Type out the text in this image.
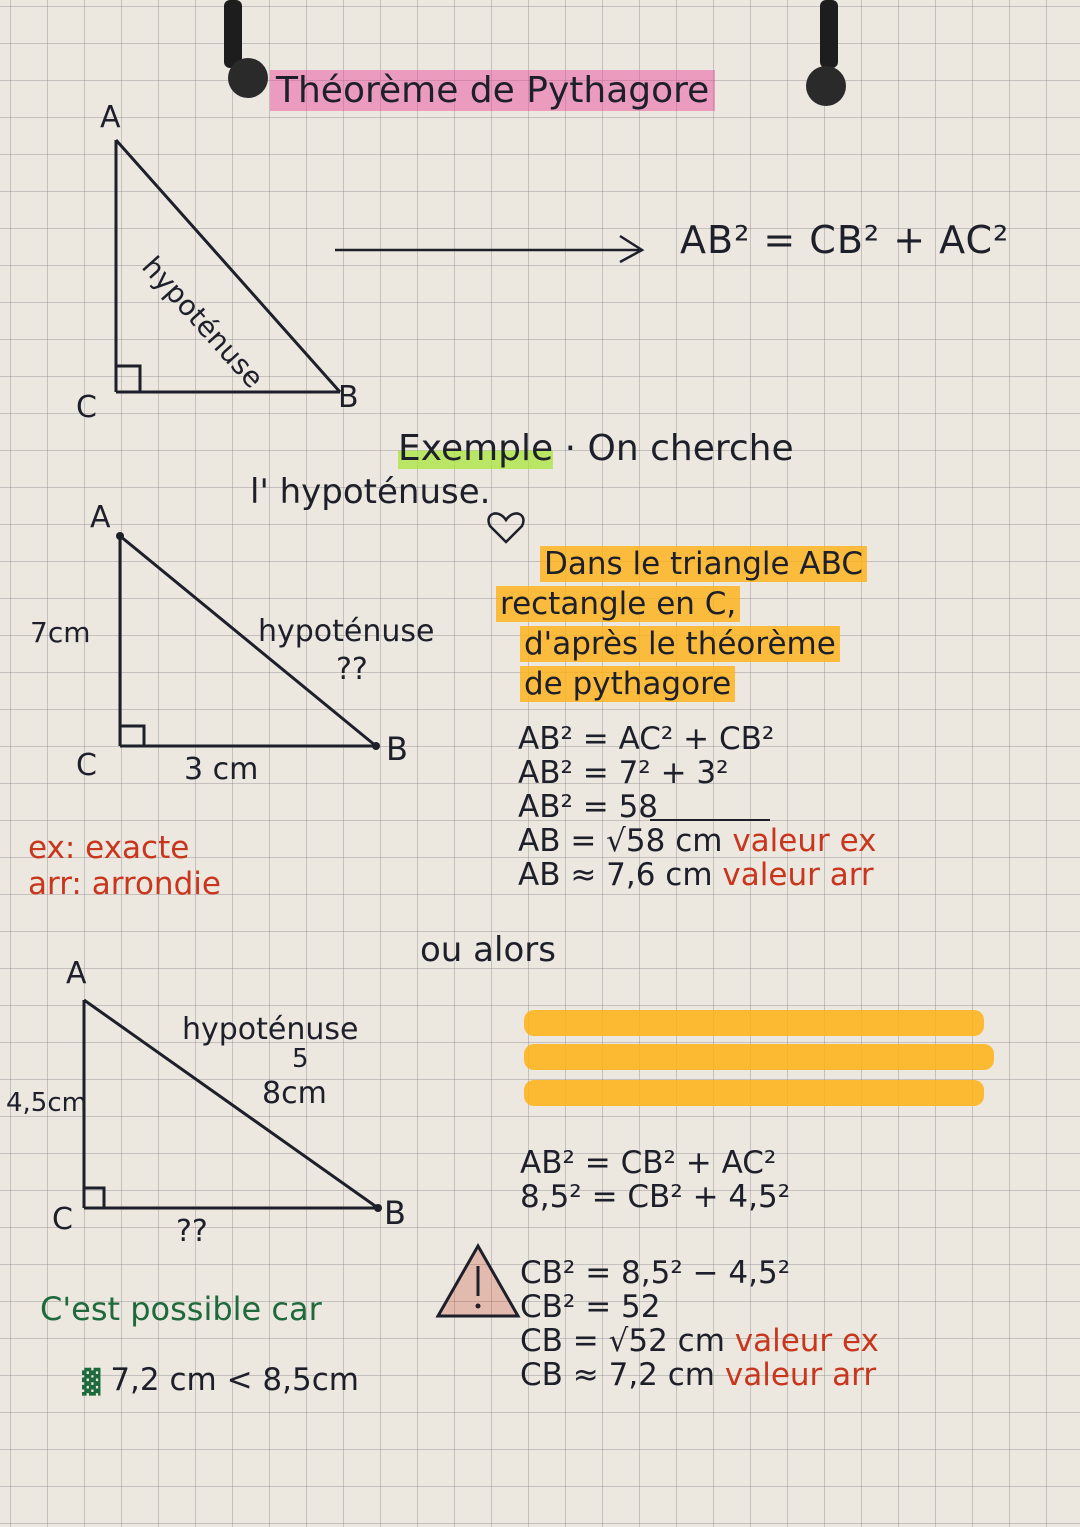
Théorème de Pythagore
A
C	B
hypoténuse
AB² = CB² + AC²
Exemple · On cherche
l' hypoténuse.
A
C	B
7cm
3 cm
hypoténuse
??
Dans le triangle ABC
rectangle en C,
d'après le théorème
de pythagore
AB² = AC² + CB²
AB² = 7² + 3²
AB² = 58
AB = √58 cm valeur ex
AB ≈ 7,6 cm valeur arr
ex: exacte
arr: arrondie
ou alors
A
C	B
4,5cm
??
hypoténuse
5
8cm
AB² = CB² + AC²
8,5² = CB² + 4,5²
CB² = 8,5² − 4,5²
CB² = 52
CB = √52 cm valeur ex
CB ≈ 7,2 cm valeur arr
C'est possible car
▓ 7,2 cm < 8,5cm
